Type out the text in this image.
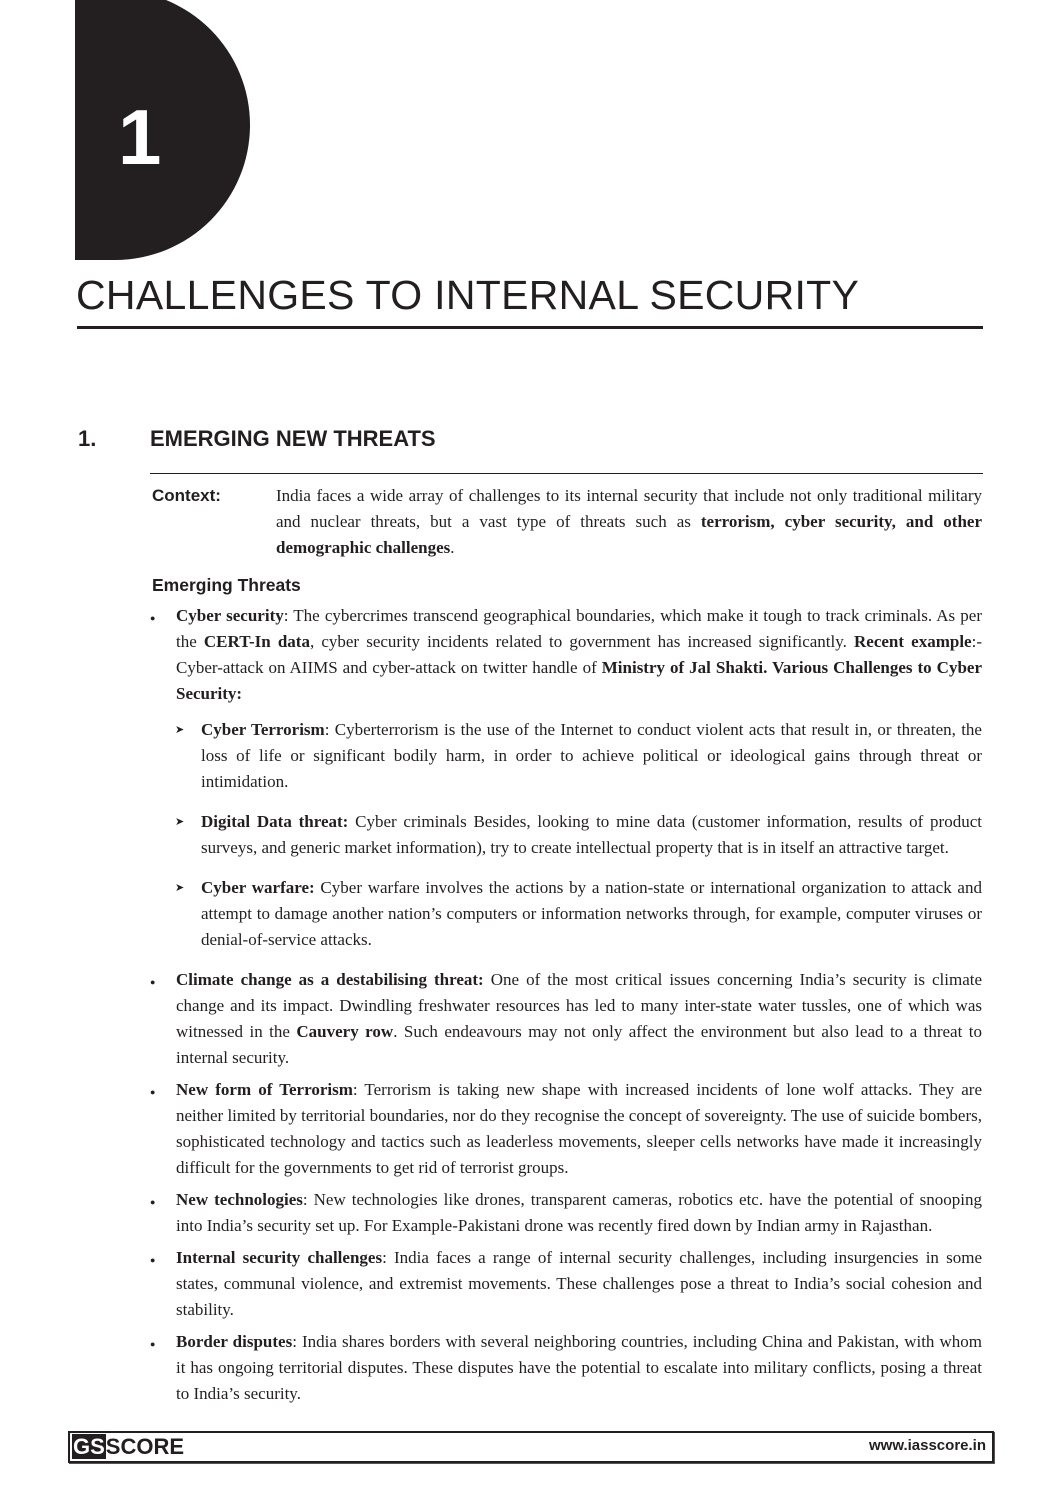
1
CHALLENGES TO INTERNAL SECURITY
1. EMERGING NEW THREATS
Context:	India faces a wide array of challenges to its internal security that include not only traditional military and nuclear threats, but a vast type of threats such as terrorism, cyber security, and other demographic challenges.
Emerging Threats
● Cyber security: The cybercrimes transcend geographical boundaries, which make it tough to track criminals. As per the CERT-In data, cyber security incidents related to government has increased significantly. Recent example:-Cyber-attack on AIIMS and cyber-attack on twitter handle of Ministry of Jal Shakti. Various Challenges to Cyber Security:
➤ Cyber Terrorism: Cyberterrorism is the use of the Internet to conduct violent acts that result in, or threaten, the loss of life or significant bodily harm, in order to achieve political or ideological gains through threat or intimidation.
➤ Digital Data threat: Cyber criminals Besides, looking to mine data (customer information, results of product surveys, and generic market information), try to create intellectual property that is in itself an attractive target.
➤ Cyber warfare: Cyber warfare involves the actions by a nation-state or international organization to attack and attempt to damage another nation’s computers or information networks through, for example, computer viruses or denial-of-service attacks.
● Climate change as a destabilising threat: One of the most critical issues concerning India’s security is climate change and its impact. Dwindling freshwater resources has led to many inter-state water tussles, one of which was witnessed in the Cauvery row. Such endeavours may not only affect the environment but also lead to a threat to internal security.
● New form of Terrorism: Terrorism is taking new shape with increased incidents of lone wolf attacks. They are neither limited by territorial boundaries, nor do they recognise the concept of sovereignty. The use of suicide bombers, sophisticated technology and tactics such as leaderless movements, sleeper cells networks have made it increasingly difficult for the governments to get rid of terrorist groups.
● New technologies: New technologies like drones, transparent cameras, robotics etc. have the potential of snooping into India’s security set up. For Example-Pakistani drone was recently fired down by Indian army in Rajasthan.
● Internal security challenges: India faces a range of internal security challenges, including insurgencies in some states, communal violence, and extremist movements. These challenges pose a threat to India’s social cohesion and stability.
● Border disputes: India shares borders with several neighboring countries, including China and Pakistan, with whom it has ongoing territorial disputes. These disputes have the potential to escalate into military conflicts, posing a threat to India’s security.
GSSCORE	www.iasscore.in
